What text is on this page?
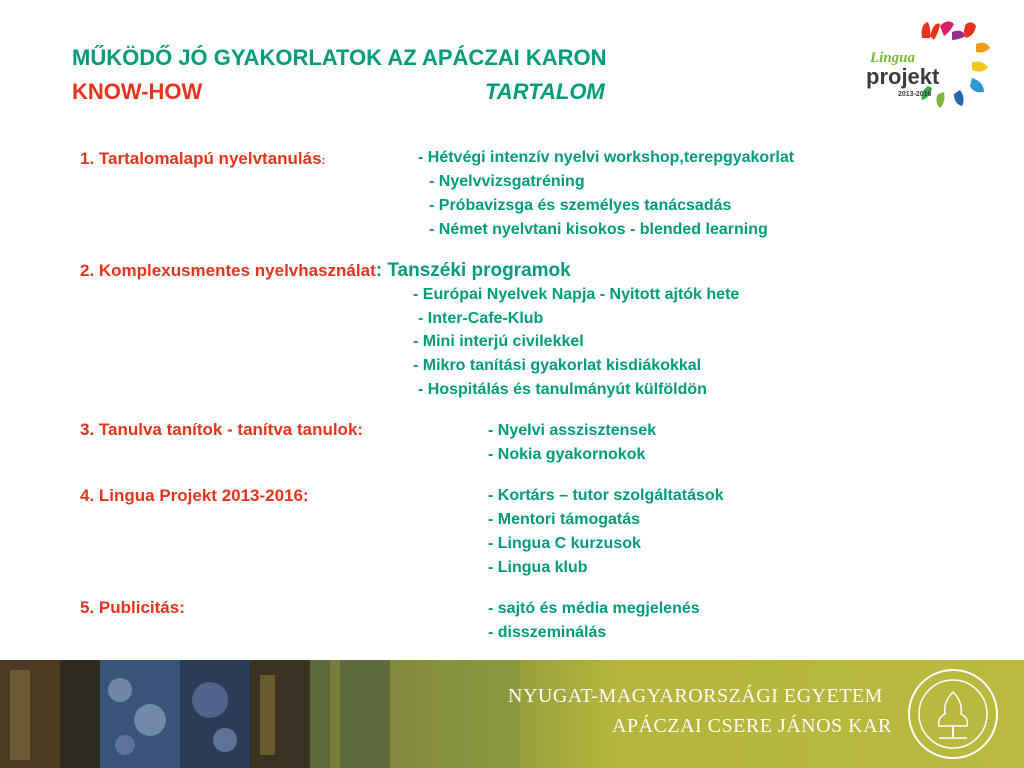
MŰKÖDŐ JÓ GYAKORLATOK AZ APÁCZAI KARON
KNOW-HOW	TARTALOM
Lingua
projekt
2013-2016
1. Tartalomalapú nyelvtanulás:	- Hétvégi intenzív nyelvi workshop,terepgyakorlat
- Nyelvvizsgatréning
- Próbavizsga és személyes tanácsadás
- Német nyelvtani kisokos - blended learning
2. Komplexusmentes nyelvhasználat: Tanszéki programok
- Európai Nyelvek Napja - Nyitott ajtók hete
- Inter-Cafe-Klub
- Mini interjú civilekkel
- Mikro tanítási gyakorlat kisdiákokkal
- Hospitálás és tanulmányút külföldön
3. Tanulva tanítok - tanítva tanulok:	- Nyelvi asszisztensek
- Nokia gyakornokok
4. Lingua Projekt 2013-2016:	- Kortárs – tutor szolgáltatások
- Mentori támogatás
- Lingua C kurzusok
- Lingua klub
5. Publicitás:	- sajtó és média megjelenés
- disszeminálás
NYUGAT-MAGYARORSZÁGI EGYETEM
APÁCZAI CSERE JÁNOS KAR
